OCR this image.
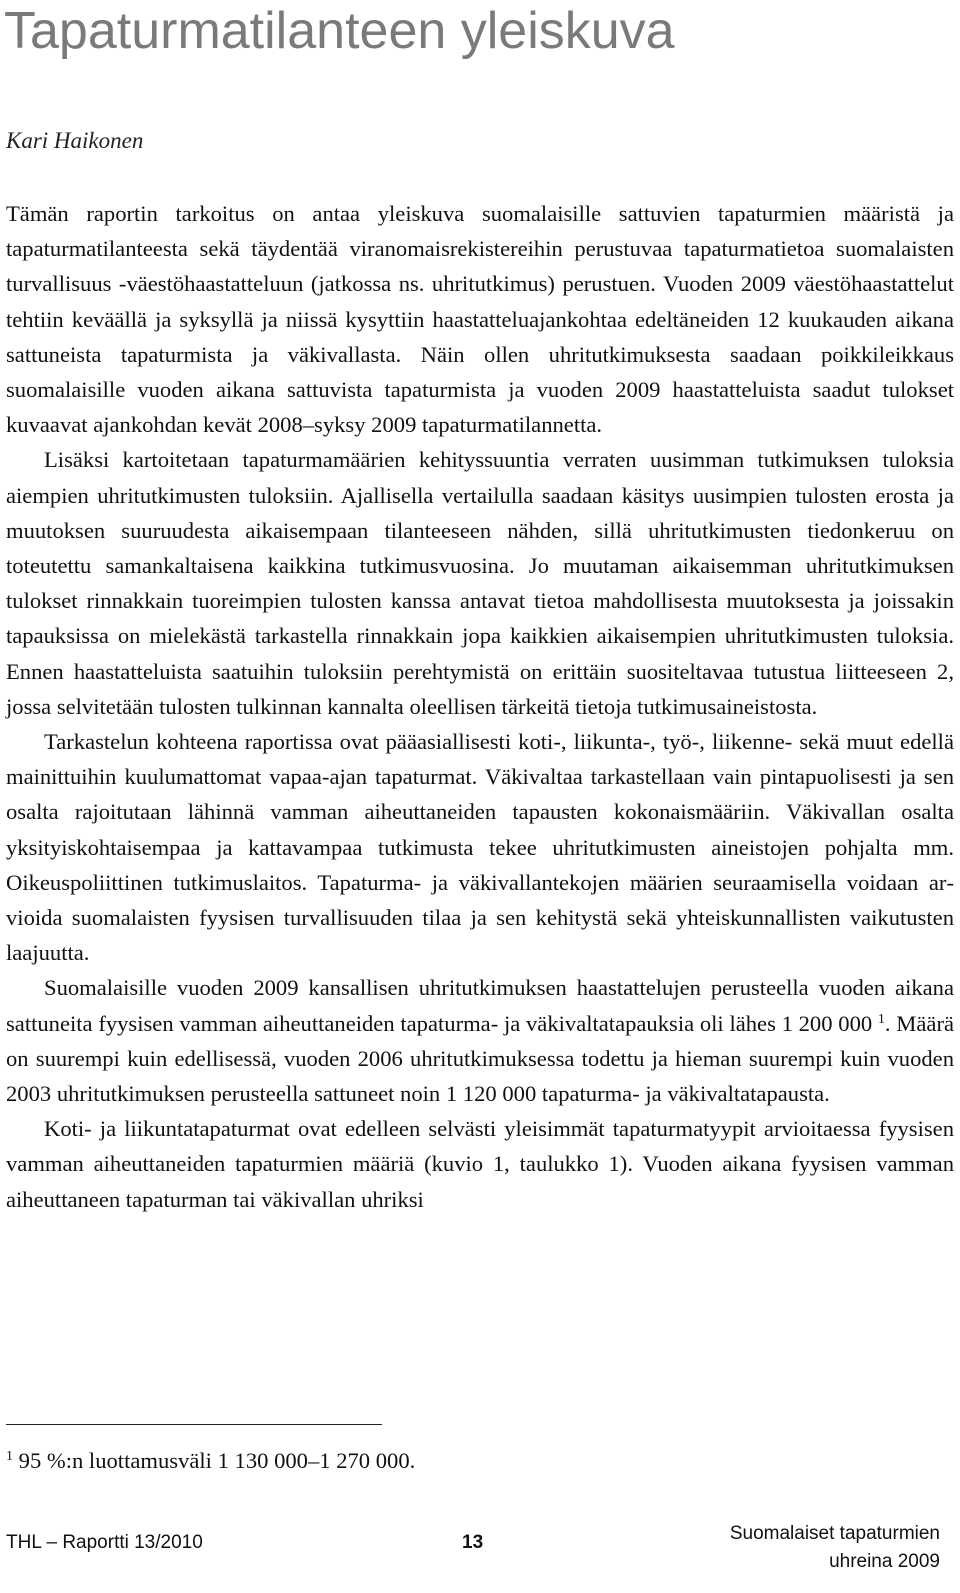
Tapaturmatilanteen yleiskuva

Kari Haikonen

Tämän raportin tarkoitus on antaa yleiskuva suomalaisille sattuvien tapaturmien määristä ja tapaturmatilanteesta sekä täydentää viranomaisrekistereihin perustuvaa tapaturmatietoa suomalaisten turvallisuus -väestöhaastatteluun (jatkossa ns. uhritutkimus) perustuen. Vuoden 2009 väestöhaastattelut tehtiin keväällä ja syksyllä ja niissä kysyttiin haastatteluajankohtaa edeltäneiden 12 kuukauden aikana sattuneista tapaturmista ja väkivallasta. Näin ollen uhritutkimuksesta saadaan poikkileikkaus suomalaisille vuoden aikana sattuvista tapaturmista ja vuoden 2009 haastatteluista saadut tulokset kuvaavat ajankohdan kevät 2008–syksy 2009 tapaturmatilannetta.

Lisäksi kartoitetaan tapaturmamäärien kehityssuuntia verraten uusimman tutkimuksen tuloksia aiempien uhritutkimusten tuloksiin. Ajallisella vertailulla saadaan käsitys uusimpien tulosten erosta ja muutoksen suuruudesta aikaisempaan tilanteeseen nähden, sillä uhritutkimusten tiedonkeruu on toteutettu samankaltaisena kaikkina tutkimusvuosina. Jo muutaman aikaisemman uhritutkimuksen tulokset rinnakkain tuoreimpien tulosten kanssa antavat tietoa mahdollisesta muutoksesta ja joissakin tapauksissa on mielekästä tarkastella rinnakkain jopa kaikkien aikaisempien uhritutkimusten tuloksia. Ennen haastatteluista saatuihin tuloksiin perehtymistä on erittäin suositeltavaa tutustua liitteeseen 2, jossa selvitetään tulosten tulkinnan kannalta oleellisen tärkeitä tietoja tutkimusaineistosta.

Tarkastelun kohteena raportissa ovat pääasiallisesti koti-, liikunta-, työ-, liikenne- sekä muut edellä mainittuihin kuulumattomat vapaa-ajan tapaturmat. Väkivaltaa tarkastellaan vain pintapuolisesti ja sen osalta rajoitutaan lähinnä vamman aiheuttaneiden tapausten kokonaismääriin. Väkivallan osalta yksityiskohtaisempaa ja kattavampaa tutkimusta tekee uhritutkimusten aineistojen pohjalta mm. Oikeuspoliittinen tutkimuslaitos. Tapaturma- ja väkivallantekojen määrien seuraamisella voidaan arvioida suomalaisten fyysisen turvallisuuden tilaa ja sen kehitystä sekä yhteiskunnallisten vaikutusten laajuutta.

Suomalaisille vuoden 2009 kansallisen uhritutkimuksen haastattelujen perusteella vuoden aikana sattuneita fyysisen vamman aiheuttaneiden tapaturma- ja väkivaltatapauksia oli lähes 1 200 000 $^1$. Määrä on suurempi kuin edellisessä, vuoden 2006 uhritutkimuksessa todettu ja hieman suurempi kuin vuoden 2003 uhritutkimuksen perusteella sattuneet noin 1 120 000 tapaturma- ja väkivaltatapausta.

Koti- ja liikuntatapaturmat ovat edelleen selvästi yleisimmät tapaturmatyypit arvioitaessa fyysisen vamman aiheuttaneiden tapaturmien määriä (kuvio 1, taulukko 1). Vuoden aikana fyysisen vamman aiheuttaneen tapaturman tai väkivallan uhriksi

$^1$ 95 %:n luottamusväli 1 130 000–1 270 000.

THL – Raportti 13/2010	13	Suomalaiset tapaturmien
uhreina 2009
